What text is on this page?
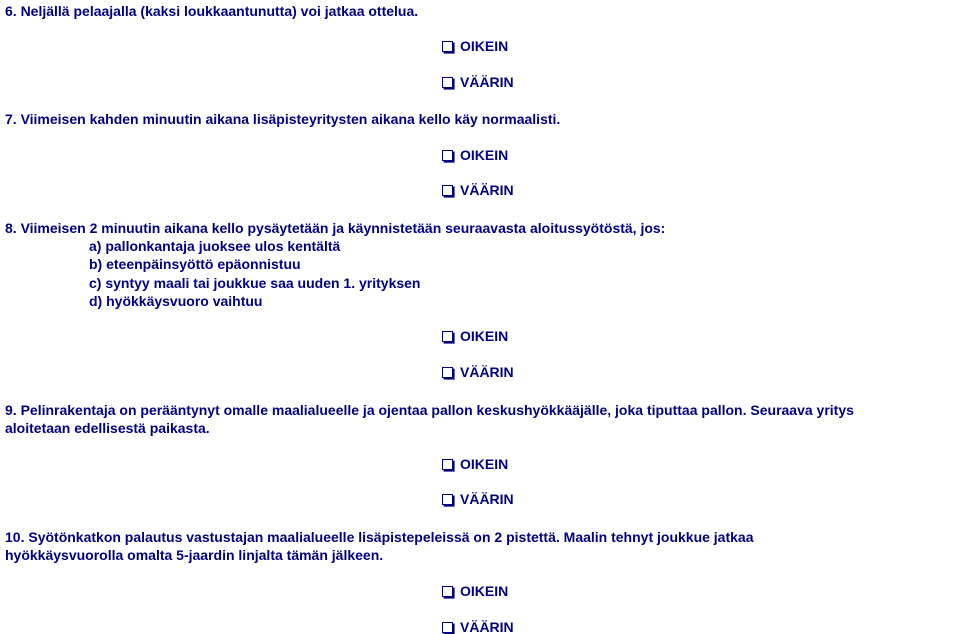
6. Neljällä pelaajalla (kaksi loukkaantunutta) voi jatkaa ottelua.
OIKEIN
VÄÄRIN
7. Viimeisen kahden minuutin aikana lisäpisteyritysten aikana kello käy normaalisti.
OIKEIN
VÄÄRIN
8. Viimeisen 2 minuutin aikana kello pysäytetään ja käynnistetään seuraavasta aloitussyötöstä, jos:
a) pallonkantaja juoksee ulos kentältä
b) eteenpäinsyöttö epäonnistuu
c) syntyy maali tai joukkue saa uuden 1. yrityksen
d) hyökkäysvuoro vaihtuu
OIKEIN
VÄÄRIN
9. Pelinrakentaja on perääntynyt omalle maalialueelle ja ojentaa pallon keskushyökkääjälle, joka tiputtaa pallon. Seuraava yritys
aloitetaan edellisestä paikasta.
OIKEIN
VÄÄRIN
10. Syötönkatkon palautus vastustajan maalialueelle lisäpistepeleissä on 2 pistettä. Maalin tehnyt joukkue jatkaa
hyökkäysvuorolla omalta 5-jaardin linjalta tämän jälkeen.
OIKEIN
VÄÄRIN
